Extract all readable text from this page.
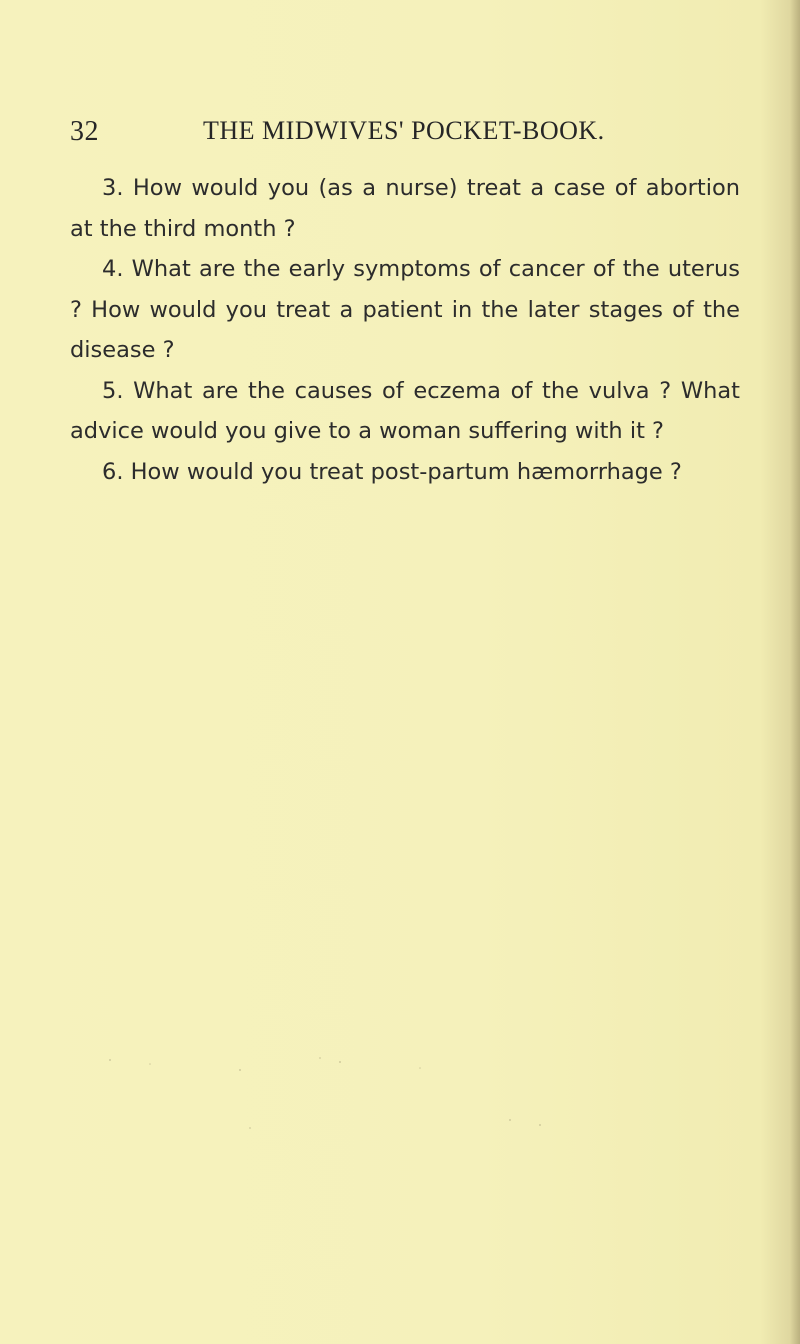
32	THE MIDWIVES' POCKET-BOOK.

3. How would you (as a nurse) treat a case of abortion at the third month ?

4. What are the early symptoms of cancer of the uterus ? How would you treat a patient in the later stages of the disease ?

5. What are the causes of eczema of the vulva ? What advice would you give to a woman suffering with it ?

6. How would you treat post-partum hæmorrhage ?
